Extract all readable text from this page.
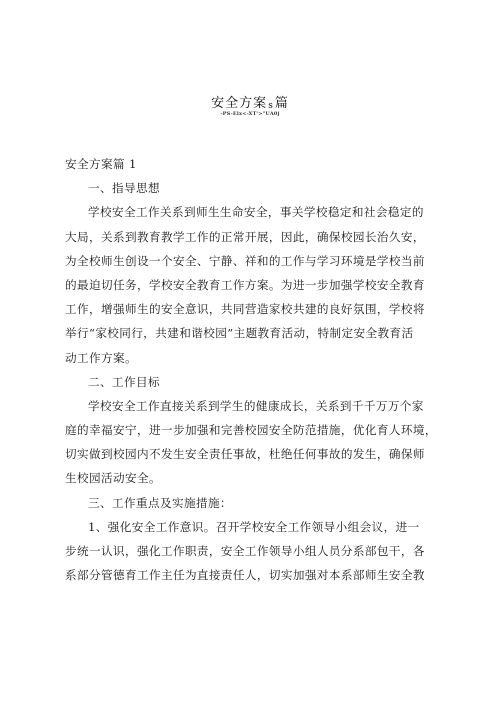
安全方案s篇
-PS-Elx<-XT'>"UA0j
安全方案篇 1
一、指导思想
学校安全工作关系到师生生命安全，事关学校稳定和社会稳定的
大局，关系到教育教学工作的正常开展，因此，确保校园长治久安，
为全校师生创设一个安全、宁静、祥和的工作与学习环境是学校当前
的最迫切任务，学校安全教育工作方案。为进一步加强学校安全教育
工作，增强师生的安全意识，共同营造家校共建的良好氛围，学校将
举行“家校同行，共建和谐校园”主题教育活动，特制定安全教育活
动工作方案。
二、工作目标
学校安全工作直接关系到学生的健康成长，关系到千千万万个家
庭的幸福安宁，进一步加强和完善校园安全防范措施，优化育人环境，
切实做到校园内不发生安全责任事故，杜绝任何事故的发生，确保师
生校园活动安全。
三、工作重点及实施措施：
1、强化安全工作意识。召开学校安全工作领导小组会议，进一
步统一认识，强化工作职责，安全工作领导小组人员分系部包干，各
系部分管德育工作主任为直接责任人，切实加强对本系部师生安全教
